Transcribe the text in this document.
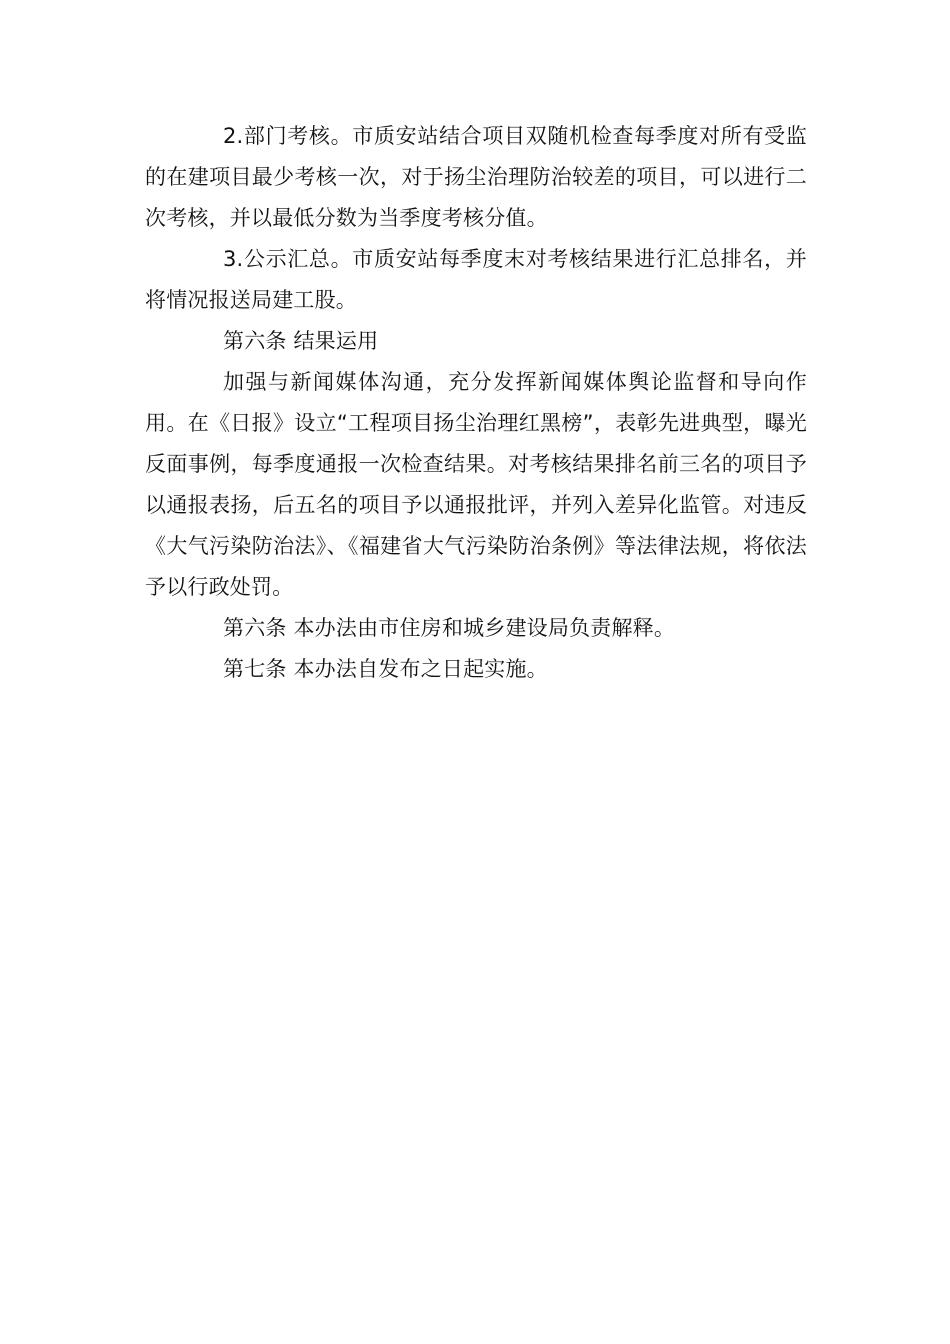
2.部门考核。市质安站结合项目双随机检查每季度对所有受监的在建项目最少考核一次，对于扬尘治理防治较差的项目，可以进行二次考核，并以最低分数为当季度考核分值。

3.公示汇总。市质安站每季度末对考核结果进行汇总排名，并将情况报送局建工股。

第六条 结果运用

加强与新闻媒体沟通，充分发挥新闻媒体舆论监督和导向作用。在《日报》设立“工程项目扬尘治理红黑榜”，表彰先进典型，曝光反面事例，每季度通报一次检查结果。对考核结果排名前三名的项目予以通报表扬，后五名的项目予以通报批评，并列入差异化监管。对违反《大气污染防治法》、《福建省大气污染防治条例》等法律法规，将依法予以行政处罚。

第六条 本办法由市住房和城乡建设局负责解释。

第七条 本办法自发布之日起实施。
